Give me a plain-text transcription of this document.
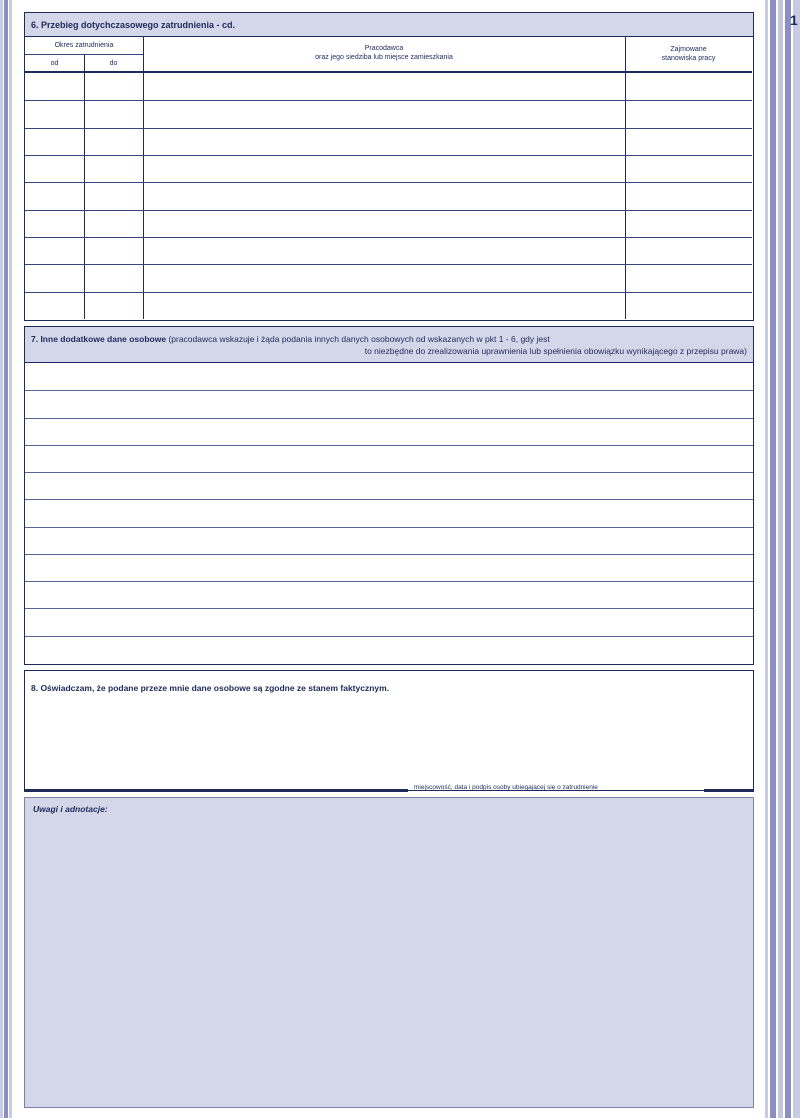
1
6. Przebieg dotychczasowego zatrudnienia - cd.
Okres zatrudnienia
od	do
Pracodawca
oraz jego siedziba lub miejsce zamieszkania
Zajmowane
stanowiska pracy
7. Inne dodatkowe dane osobowe (pracodawca wskazuje i żąda podania innych danych osobowych od wskazanych w pkt 1 - 6, gdy jest
to niezbędne do zrealizowania uprawnienia lub spełnienia obowiązku wynikającego z przepisu prawa)
8. Oświadczam, że podane przeze mnie dane osobowe są zgodne ze stanem faktycznym.
miejscowość, data i podpis osoby ubiegającej się o zatrudnienie
Uwagi i adnotacje:
